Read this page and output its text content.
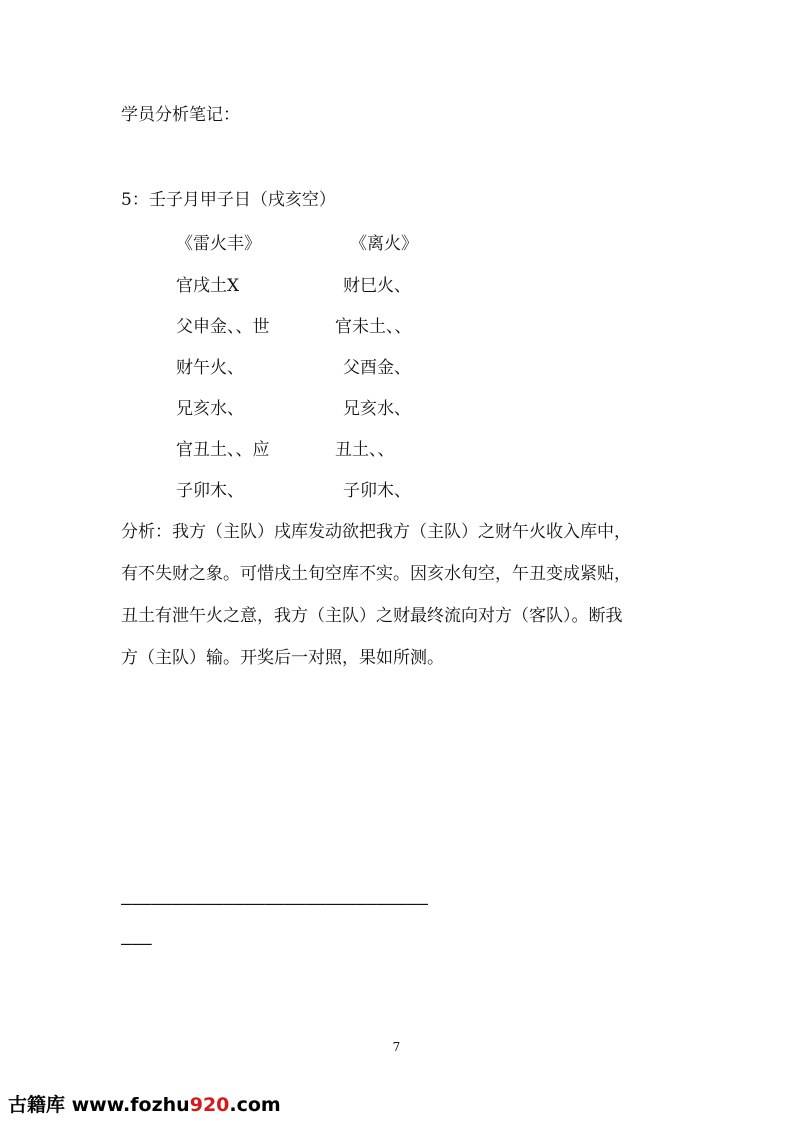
学员分析笔记：
5：壬子月甲子日（戌亥空）
《雷火丰》	《离火》
官戌土X
父申金、、世
财午火、
兄亥水、
官丑土、、应
子卯木、
财巳火、
官未土、、
父酉金、
兄亥水、
丑土、、
子卯木、
分析：我方（主队）戌库发动欲把我方（主队）之财午火收入库中，
有不失财之象。可惜戌土旬空库不实。因亥水旬空，午丑变成紧贴，
丑土有泄午火之意，我方（主队）之财最终流向对方（客队）。断我
方（主队）输。开奖后一对照，果如所测。
——————————————————————————————
———
7
古籍库 www.fozhu920.com
